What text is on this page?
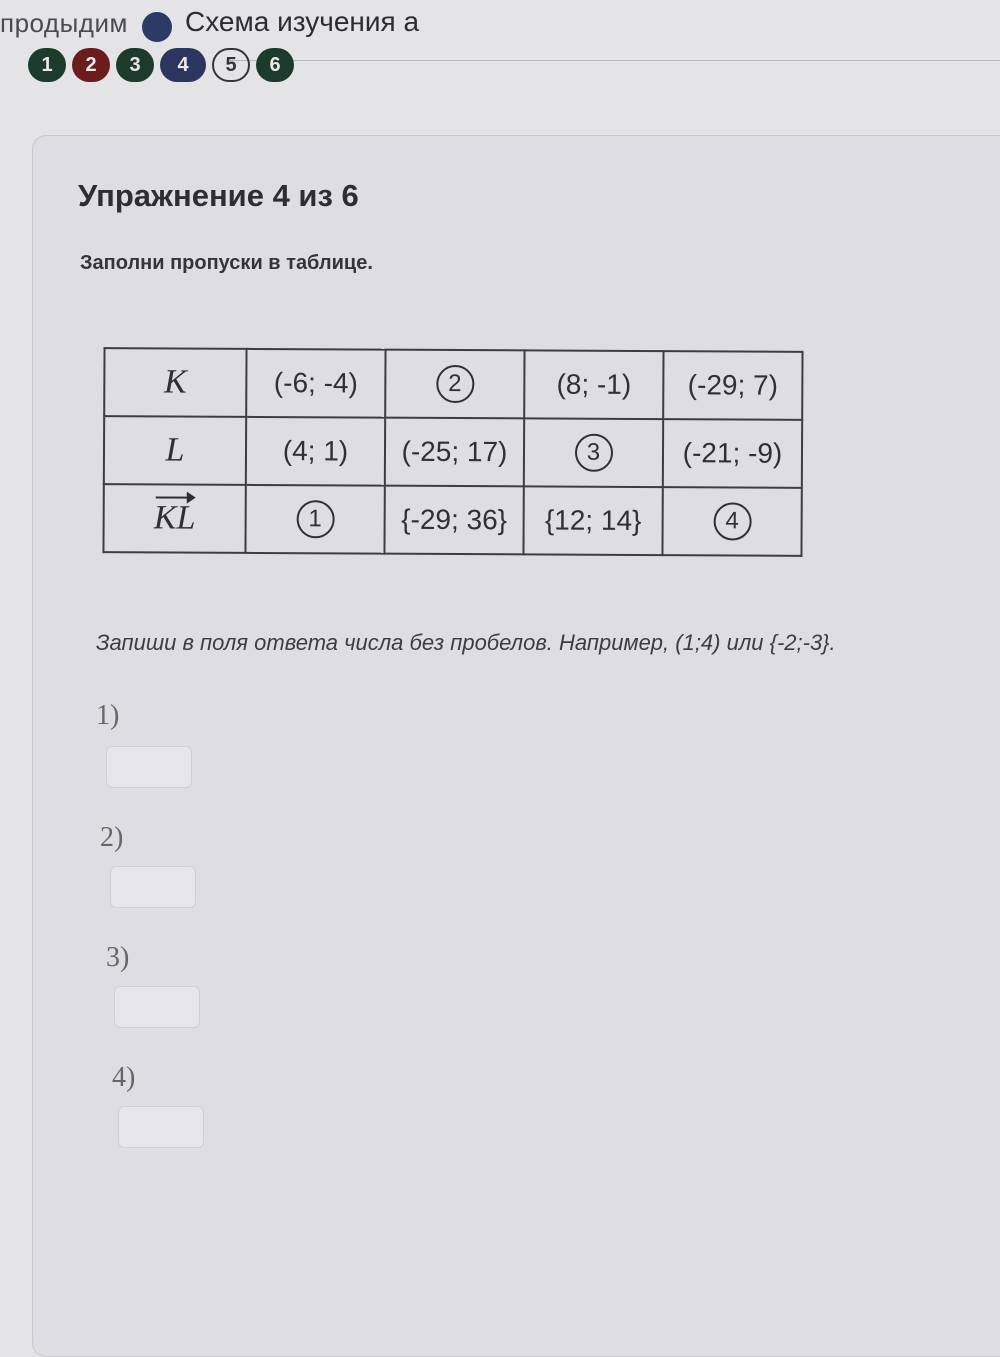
продыдим Схема изучения а
1	2	3	4	5	6
Упражнение 4 из 6
Заполни пропуски в таблице.
K	(-6; -4)	2	(8; -1)	(-29; 7)
L	(4; 1)	(-25; 17)	3	(-21; -9)
KL	1	{-29; 36}	{12; 14}	4
Запиши в поля ответа числа без пробелов. Например, (1;4) или {-2;-3}.
1)
2)
3)
4)
